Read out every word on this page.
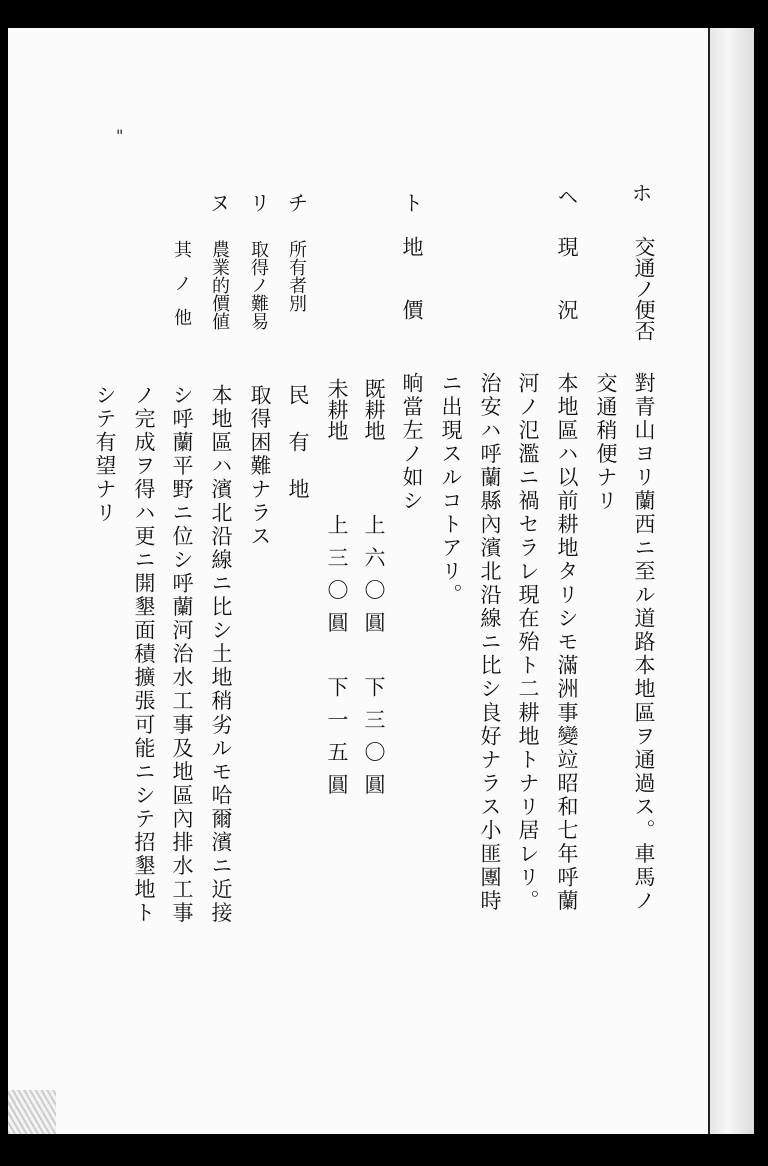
"
ホ
ヘ
ト
チ
リ
ヌ
交通ノ便否
對青山ヨリ蘭西ニ至ル道路本地區ヲ通過ス。車馬ノ
交通稍便ナリ
現　　況
本地區ハ以前耕地タリシモ滿洲事變竝昭和七年呼蘭
河ノ氾濫ニ禍セラレ現在殆ト二耕地トナリ居レリ。
治安ハ呼蘭縣內濱北沿線ニ比シ良好ナラス小匪團時
ニ出現スルコトアリ。
地　　價
晌當左ノ如シ
既耕地
上六〇圓
下三〇圓
未耕地
上三〇圓
下一五圓
所有者別
民　有　地
取得ノ難易
取得困難ナラス
農業的價値
本地區ハ濱北沿線ニ比シ土地稍劣ルモ哈爾濱ニ近接
シ呼蘭平野ニ位シ呼蘭河治水工事及地區內排水工事
ノ完成ヲ得ハ更ニ開墾面積擴張可能ニシテ招墾地ト
シテ有望ナリ
其ノ他
